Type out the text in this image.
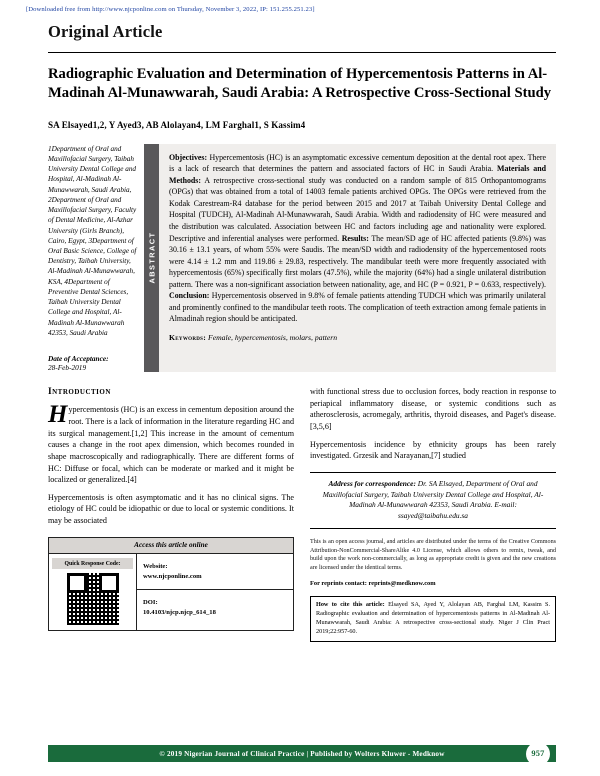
[Downloaded free from http://www.njcponline.com on Thursday, November 3, 2022, IP: 151.255.251.23]
Original Article
Radiographic Evaluation and Determination of Hypercementosis Patterns in Al-Madinah Al-Munawwarah, Saudi Arabia: A Retrospective Cross-Sectional Study
SA Elsayed1,2, Y Ayed3, AB Alolayan4, LM Farghal1, S Kassim4
1Department of Oral and Maxillofacial Surgery, Taibah University Dental College and Hospital, Al-Madinah Al-Munawwarah, Saudi Arabia, 2Department of Oral and Maxillofacial Surgery, Faculty of Dental Medicine, Al-Azhar University (Girls Branch), Cairo, Egypt, 3Department of Oral Basic Science, College of Dentistry, Taibah University, Al-Madinah Al-Munawwarah, KSA, 4Department of Preventive Dental Sciences, Taibah University Dental College and Hospital, Al-Madinah Al-Munawwarah 42353, Saudi Arabia
Date of Acceptance:
28-Feb-2019
ABSTRACT
Objectives: Hypercementosis (HC) is an asymptomatic excessive cementum deposition at the dental root apex. There is a lack of research that determines the pattern and associated factors of HC in Saudi Arabia. Materials and Methods: A retrospective cross-sectional study was conducted on a random sample of 815 Orthopantomograms (OPGs) that was obtained from a total of 14003 female patients archived OPGs. The OPGs were retrieved from the Kodak Carestream-R4 database for the period between 2015 and 2017 at Taibah University Dental College and Hospital (TUDCH), Al-Madinah Al-Munawwarah, Saudi Arabia. Width and radiodensity of HC were measured and the distribution was calculated. Association between HC and factors including age and nationality were explored. Descriptive and inferential analyses were performed. Results: The mean/SD age of HC affected patients (9.8%) was 30.16 ± 13.1 years, of whom 55% were Saudis. The mean/SD width and radiodensity of the hypercementosed roots were 4.14 ± 1.2 mm and 119.86 ± 29.83, respectively. The mandibular teeth were more frequently associated with hypercementosis (65%) specifically first molars (47.5%), while the majority (64%) had a single unilateral distribution pattern. There was a non-significant association between nationality, age, and HC (P = 0.921, P = 0.633, respectively). Conclusion: Hypercementosis observed in 9.8% of female patients attending TUDCH which was primarily unilateral and prominently confined to the mandibular teeth roots. The complication of teeth extraction among female patients in Almadinah region should be anticipated.
Keywords: Female, hypercementosis, molars, pattern
Introduction

Hypercementosis (HC) is an excess in cementum deposition around the root. There is a lack of information in the literature regarding HC and its surgical management.[1,2] This increase in the amount of cementum causes a change in the root apex dimension, which becomes rounded in shape macroscopically and radiographically. There are different forms of HC: Diffuse or focal, which can be moderate or marked and it might be localized or generalized.[4]

Hypercementosis is often asymptomatic and it has no clinical signs. The etiology of HC could be idiopathic or due to local or systemic conditions. It may be associated

Access this article online
Quick Response Code:	Website:
www.njcponline.com
DOI:
10.4103/njcp.njcp_614_18

with functional stress due to occlusion forces, body reaction in response to periapical inflammatory disease, or systemic conditions such as atherosclerosis, acromegaly, arthritis, thyroid diseases, and Paget's disease.[3,5,6]

Hypercementosis incidence by ethnicity groups has been rarely investigated. Grzesik and Narayanan,[7] studied

Address for correspondence: Dr. SA Elsayed, Department of Oral and Maxillofacial Surgery, Taibah University Dental College and Hospital, Al-Madinah Al-Munawwarah 42353, Saudi Arabia. E-mail: ssayed@taibahu.edu.sa
This is an open access journal, and articles are distributed under the terms of the Creative Commons Attribution-NonCommercial-ShareAlike 4.0 License, which allows others to remix, tweak, and build upon the work non-commercially, as long as appropriate credit is given and the new creations are licensed under the identical terms.
For reprints contact: reprints@medknow.com
How to cite this article: Elsayed SA, Ayed Y, Alolayan AB, Farghal LM, Kassim S. Radiographic evaluation and determination of hypercementosis patterns in Al-Madinah Al-Munawwarah, Saudi Arabia: A retrospective cross-sectional study. Niger J Clin Pract 2019;22:957-60.
© 2019 Nigerian Journal of Clinical Practice | Published by Wolters Kluwer - Medknow	957
